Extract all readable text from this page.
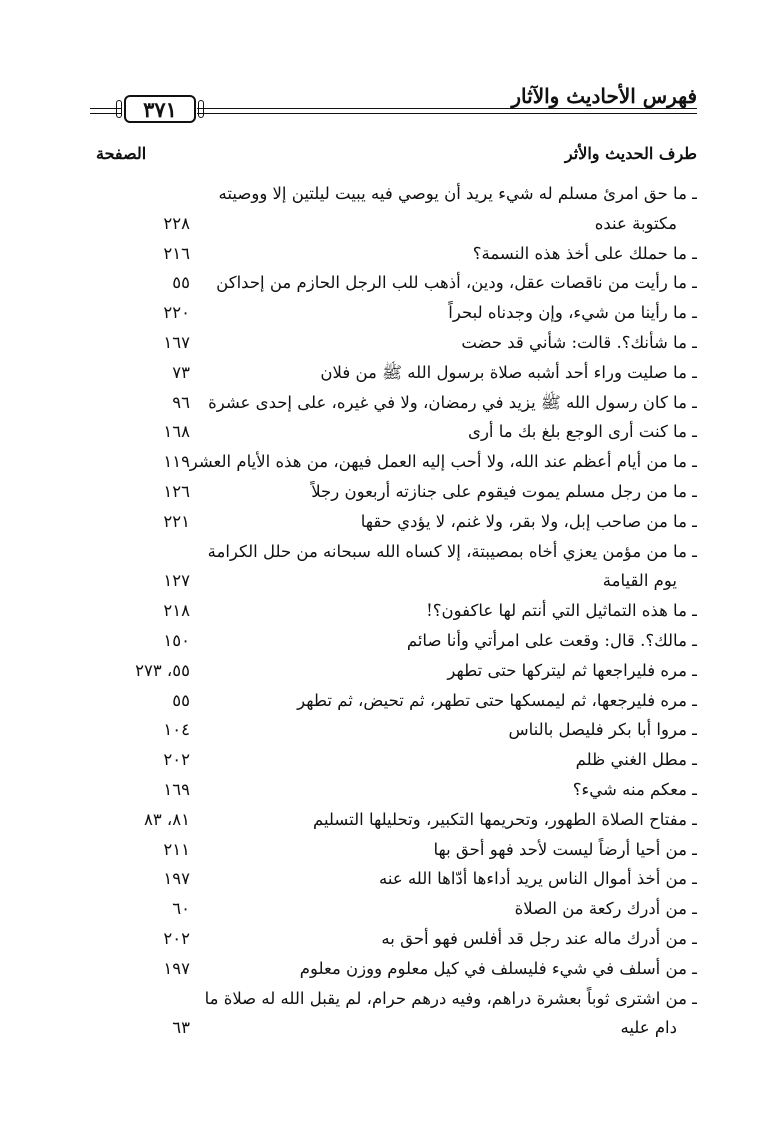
فهرس الأحاديث والآثار
٣٧١
طرف الحديث والأثر
الصفحة
ـ ما حق امرئ مسلم له شيء يريد أن يوصي فيه يبيت ليلتين إلا ووصيته
مكتوبة عنده
٢٢٨
ـ ما حملك على أخذ هذه النسمة؟
٢١٦
ـ ما رأيت من ناقصات عقل، ودين، أذهب للب الرجل الحازم من إحداكن
٥٥
ـ ما رأينا من شيء، وإن وجدناه لبحراً
٢٢٠
ـ ما شأنك؟. قالت: شأني قد حضت
١٦٧
ـ ما صليت وراء أحد أشبه صلاة برسول الله ﷺ من فلان
٧٣
ـ ما كان رسول الله ﷺ يزيد في رمضان، ولا في غيره، على إحدى عشرة
٩٦
ـ ما كنت أرى الوجع بلغ بك ما أرى
١٦٨
ـ ما من أيام أعظم عند الله، ولا أحب إليه العمل فيهن، من هذه الأيام العشر
١١٩
ـ ما من رجل مسلم يموت فيقوم على جنازته أربعون رجلاً
١٢٦
ـ ما من صاحب إبل، ولا بقر، ولا غنم، لا يؤدي حقها
٢٢١
ـ ما من مؤمن يعزي أخاه بمصيبتة، إلا كساه الله سبحانه من حلل الكرامة
يوم القيامة
١٢٧
ـ ما هذه التماثيل التي أنتم لها عاكفون؟!
٢١٨
ـ مالك؟. قال: وقعت على امرأتي وأنا صائم
١٥٠
ـ مره فليراجعها ثم ليتركها حتى تطهر
٥٥، ٢٧٣
ـ مره فليرجعها، ثم ليمسكها حتى تطهر، ثم تحيض، ثم تطهر
٥٥
ـ مروا أبا بكر فليصل بالناس
١٠٤
ـ مطل الغني ظلم
٢٠٢
ـ معكم منه شيء؟
١٦٩
ـ مفتاح الصلاة الطهور، وتحريمها التكبير، وتحليلها التسليم
٨١، ٨٣
ـ من أحيا أرضاً ليست لأحد فهو أحق بها
٢١١
ـ من أخذ أموال الناس يريد أداءها أدّاها الله عنه
١٩٧
ـ من أدرك ركعة من الصلاة
٦٠
ـ من أدرك ماله عند رجل قد أفلس فهو أحق به
٢٠٢
ـ من أسلف في شيء فليسلف في كيل معلوم ووزن معلوم
١٩٧
ـ من اشترى ثوباً بعشرة دراهم، وفيه درهم حرام، لم يقبل الله له صلاة ما
دام عليه
٦٣
